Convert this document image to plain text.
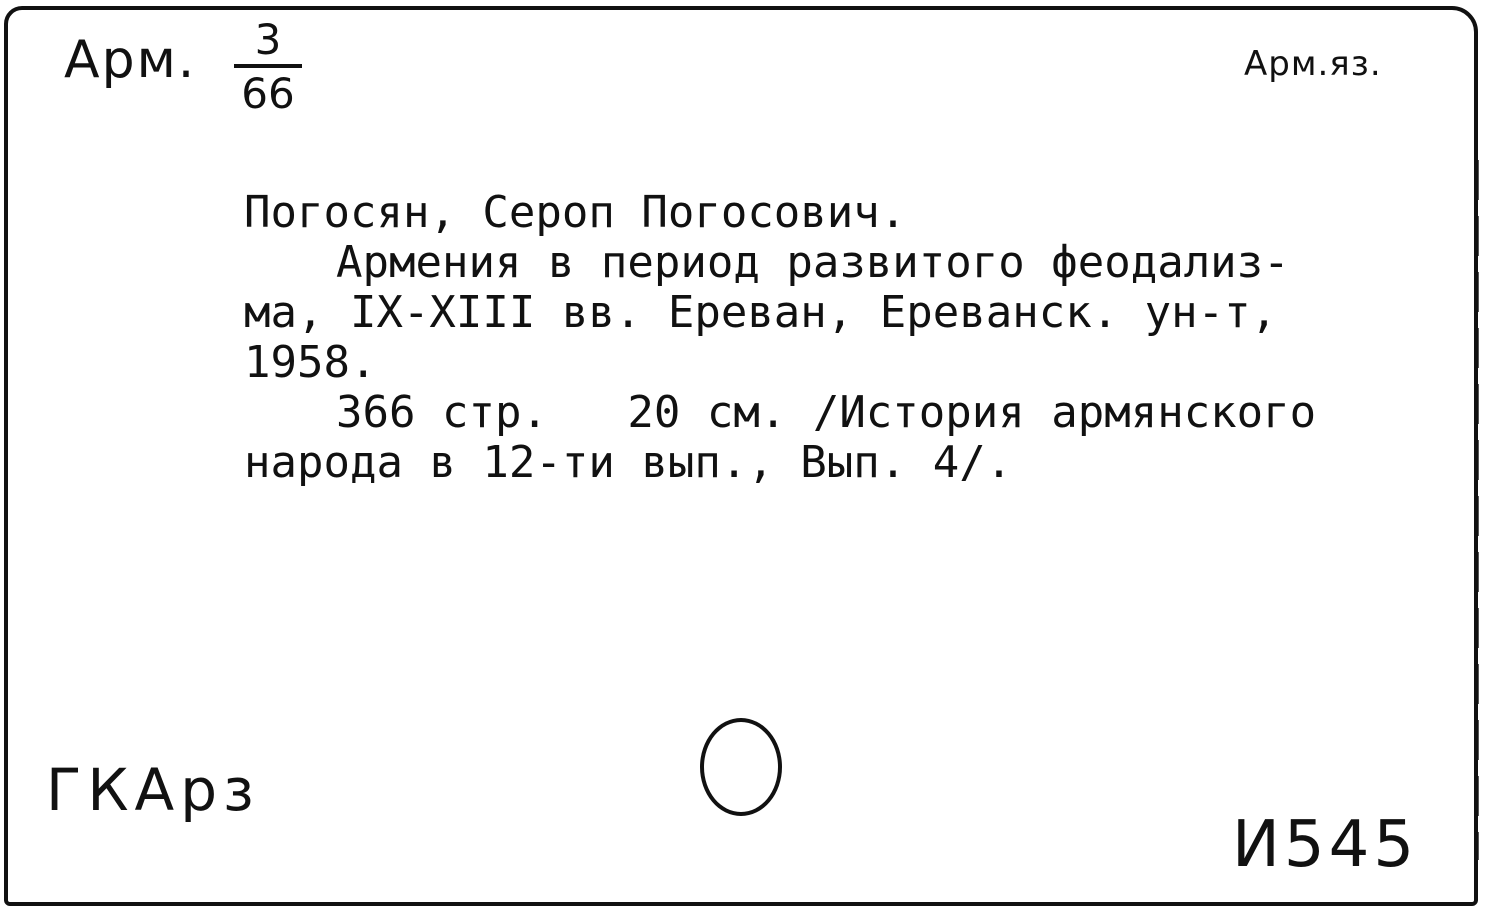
Арм.	3
66
Арм.яз.

Погосян, Сероп Погосович.

Армения в период развитого феодализ-

ма, IX-XIII вв. Ереван, Ереванск. ун-т,

1958.

366 стр.   20 см. /История армянского

народа в 12-ти вып., Вып. 4/.

ГКАрз
И545
